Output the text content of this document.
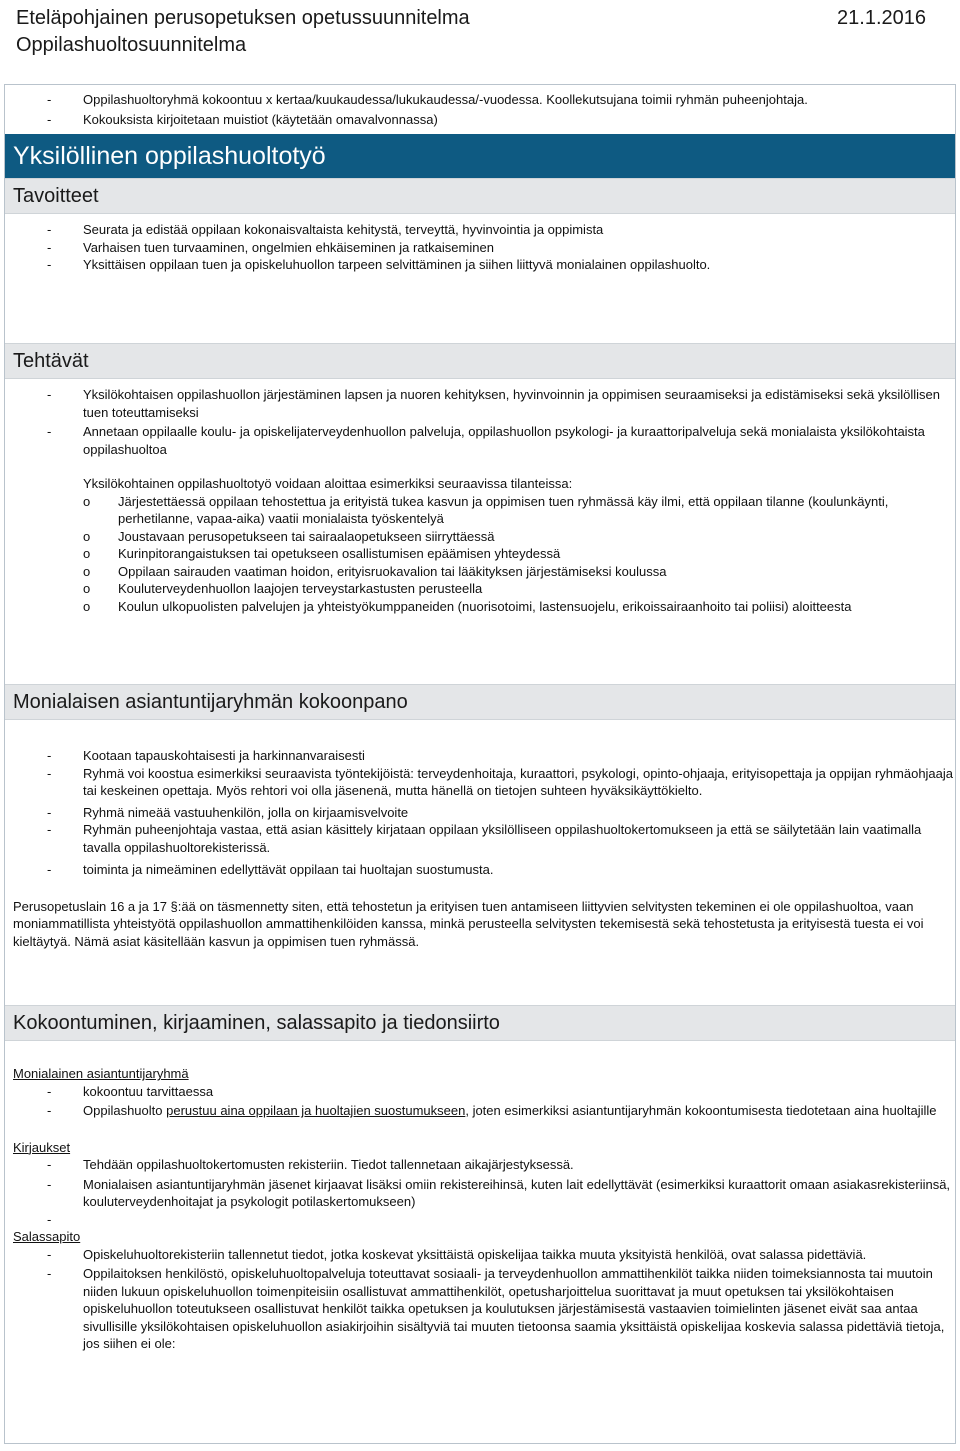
Eteläpohjainen perusopetuksen opetussuunnitelma
Oppilashuoltosuunnitelma
21.1.2016
- Oppilashuoltoryhmä kokoontuu x kertaa/kuukaudessa/lukukaudessa/-vuodessa. Koollekutsujana toimii ryhmän puheenjohtaja.
- Kokouksista kirjoitetaan muistiot (käytetään omavalvonnassa)
Yksilöllinen oppilashuoltotyö
Tavoitteet
- Seurata ja edistää oppilaan kokonaisvaltaista kehitystä, terveyttä, hyvinvointia ja oppimista
- Varhaisen tuen turvaaminen, ongelmien ehkäiseminen ja ratkaiseminen
- Yksittäisen oppilaan tuen ja opiskeluhuollon tarpeen selvittäminen ja siihen liittyvä monialainen oppilashuolto.
Tehtävät
- Yksilökohtaisen oppilashuollon järjestäminen lapsen ja nuoren kehityksen, hyvinvoinnin ja oppimisen seuraamiseksi ja edistämiseksi sekä yksilöllisen tuen toteuttamiseksi
- Annetaan oppilaalle koulu- ja opiskelijaterveydenhuollon palveluja, oppilashuollon psykologi- ja kuraattoripalveluja sekä monialaista yksilökohtaista oppilashuoltoa
Yksilökohtainen oppilashuoltotyö voidaan aloittaa esimerkiksi seuraavissa tilanteissa:
o Järjestettäessä oppilaan tehostettua ja erityistä tukea kasvun ja oppimisen tuen ryhmässä käy ilmi, että oppilaan tilanne (koulunkäynti, perhetilanne, vapaa-aika) vaatii monialaista työskentelyä
o Joustavaan perusopetukseen tai sairaalaopetukseen siirryttäessä
o Kurinpitorangaistuksen tai opetukseen osallistumisen epäämisen yhteydessä
o Oppilaan sairauden vaatiman hoidon, erityisruokavalion tai lääkityksen järjestämiseksi koulussa
o Kouluterveydenhuollon laajojen terveystarkastusten perusteella
o Koulun ulkopuolisten palvelujen ja yhteistyökumppaneiden (nuorisotoimi, lastensuojelu, erikoissairaanhoito tai poliisi) aloitteesta
Monialaisen asiantuntijaryhmän kokoonpano
- Kootaan tapauskohtaisesti ja harkinnanvaraisesti
- Ryhmä voi koostua esimerkiksi seuraavista työntekijöistä: terveydenhoitaja, kuraattori, psykologi, opinto-ohjaaja, erityisopettaja ja oppijan ryhmäohjaaja tai keskeinen opettaja. Myös rehtori voi olla jäsenenä, mutta hänellä on tietojen suhteen hyväksikäyttökielto.
- Ryhmä nimeää vastuuhenkilön, jolla on kirjaamisvelvoite
- Ryhmän puheenjohtaja vastaa, että asian käsittely kirjataan oppilaan yksilölliseen oppilashuoltokertomukseen ja että se säilytetään lain vaatimalla tavalla oppilashuoltorekisterissä.
- toiminta ja nimeäminen edellyttävät oppilaan tai huoltajan suostumusta.
Perusopetuslain 16 a ja 17 §:ää on täsmennetty siten, että tehostetun ja erityisen tuen antamiseen liittyvien selvitysten tekeminen ei ole oppilashuoltoa, vaan moniammatillista yhteistyötä oppilashuollon ammattihenkilöiden kanssa, minkä perusteella selvitysten tekemisestä sekä tehostetusta ja erityisestä tuesta ei voi kieltäytyä. Nämä asiat käsitellään kasvun ja oppimisen tuen ryhmässä.
Kokoontuminen, kirjaaminen, salassapito ja tiedonsiirto
Monialainen asiantuntijaryhmä
- kokoontuu tarvittaessa
- Oppilashuolto perustuu aina oppilaan ja huoltajien suostumukseen, joten esimerkiksi asiantuntijaryhmän kokoontumisesta tiedotetaan aina huoltajille
Kirjaukset
- Tehdään oppilashuoltokertomusten rekisteriin. Tiedot tallennetaan aikajärjestyksessä.
- Monialaisen asiantuntijaryhmän jäsenet kirjaavat lisäksi omiin rekistereihinsä, kuten lait edellyttävät (esimerkiksi kuraattorit omaan asiakasrekisteriinsä, kouluterveydenhoitajat ja psykologit potilaskertomukseen)
-
Salassapito
- Opiskeluhuoltorekisteriin tallennetut tiedot, jotka koskevat yksittäistä opiskelijaa taikka muuta yksityistä henkilöä, ovat salassa pidettäviä.
- Oppilaitoksen henkilöstö, opiskeluhuoltopalveluja toteuttavat sosiaali- ja terveydenhuollon ammattihenkilöt taikka niiden toimeksiannosta tai muutoin niiden lukuun opiskeluhuollon toimenpiteisiin osallistuvat ammattihenkilöt, opetusharjoittelua suorittavat ja muut opetuksen tai yksilökohtaisen opiskeluhuollon toteutukseen osallistuvat henkilöt taikka opetuksen ja koulutuksen järjestämisestä vastaavien toimielinten jäsenet eivät saa antaa sivullisille yksilökohtaisen opiskeluhuollon asiakirjoihin sisältyviä tai muuten tietoonsa saamia yksittäistä opiskelijaa koskevia salassa pidettäviä tietoja, jos siihen ei ole:
